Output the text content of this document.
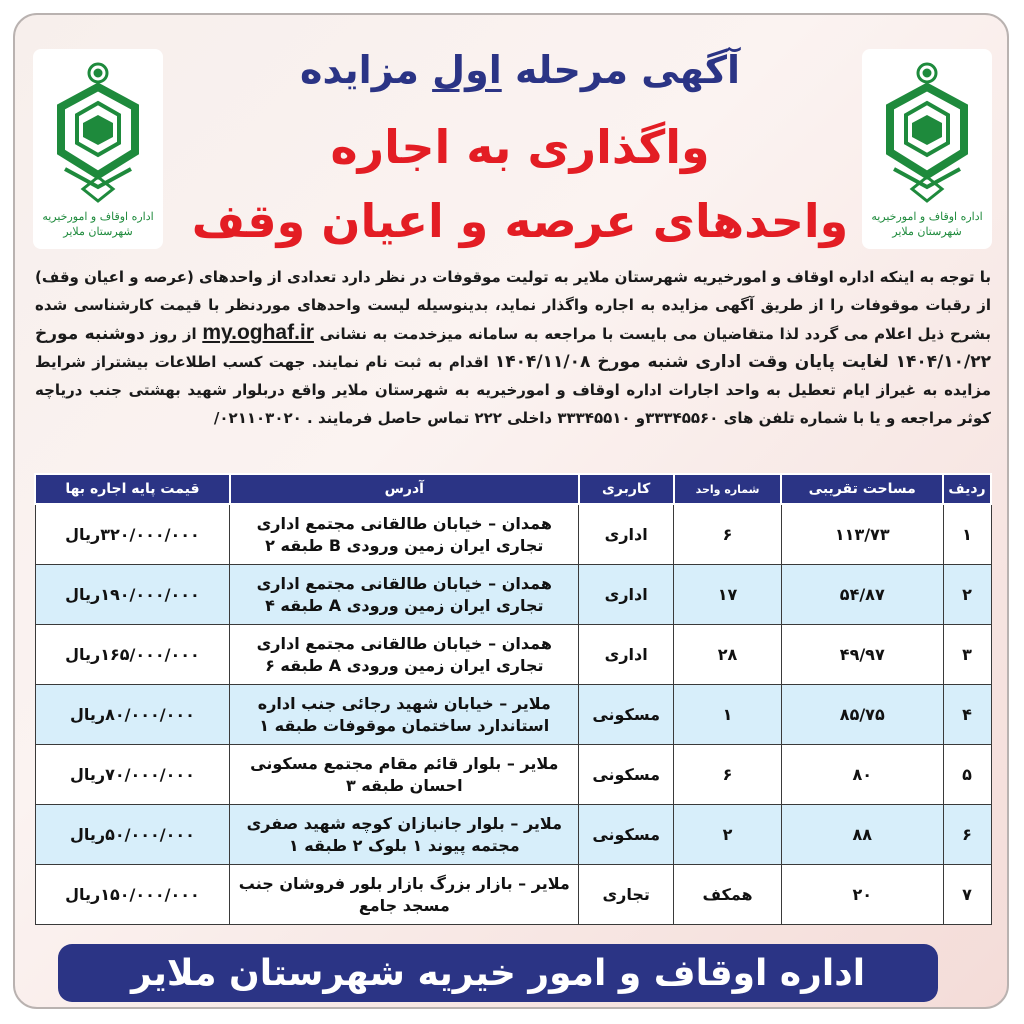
اداره اوقاف و امورخیریه
شهرستان ملایر
اداره اوقاف و امورخیریه
شهرستان ملایر
آگهی مرحله اول مزایده
واگذاری به اجاره
واحدهای عرصه و اعیان وقف
با توجه به اینکه اداره اوقاف و امورخیریه شهرستان ملایر به تولیت موقوفات در نظر دارد تعدادی از واحدهای (عرصه و اعیان وقف) از رقبات موقوفات را از طریق آگهی مزایده به اجاره واگذار نماید، بدینوسیله لیست واحدهای موردنظر با قیمت کارشناسی شده بشرح ذیل اعلام می گردد لذا متقاضیان می بایست با مراجعه به سامانه میزخدمت به نشانی my.oghaf.ir از روز دوشنبه مورخ ۱۴۰۴/۱۰/۲۲ لغایت پایان وقت اداری شنبه مورخ ۱۴۰۴/۱۱/۰۸ اقدام به ثبت نام نمایند. جهت کسب اطلاعات بیشتراز شرایط مزایده به غیراز ایام تعطیل به واحد اجارات اداره اوقاف و امورخیریه به شهرستان ملایر واقع دربلوار شهید بهشتی جنب دریاچه کوثر مراجعه و یا با شماره تلفن های ۳۳۳۴۵۵۶۰و ۳۳۳۴۵۵۱۰ داخلی ۲۲۲ تماس حاصل فرمایند . ۰۲۱۱۰۳۰۲۰/
ردیف	مساحت تقریبی	شماره واحد	کاربری	آدرس	قیمت پایه اجاره بها
۱	۱۱۳/۷۳	۶	اداری	همدان – خیابان طالقانی مجتمع اداری تجاری ایران زمین ورودی B طبقه ۲	۳۲۰/۰۰۰/۰۰۰ریال
۲	۵۴/۸۷	۱۷	اداری	همدان – خیابان طالقانی مجتمع اداری تجاری ایران زمین ورودی A طبقه ۴	۱۹۰/۰۰۰/۰۰۰ریال
۳	۴۹/۹۷	۲۸	اداری	همدان – خیابان طالقانی مجتمع اداری تجاری ایران زمین ورودی A طبقه ۶	۱۶۵/۰۰۰/۰۰۰ریال
۴	۸۵/۷۵	۱	مسکونی	ملایر – خیابان شهید رجائی جنب اداره استاندارد ساختمان موقوفات طبقه ۱	۸۰/۰۰۰/۰۰۰ریال
۵	۸۰	۶	مسکونی	ملایر – بلوار قائم مقام مجتمع مسکونی احسان طبقه ۳	۷۰/۰۰۰/۰۰۰ریال
۶	۸۸	۲	مسکونی	ملایر – بلوار جانبازان کوچه شهید صفری مجتمه پیوند ۱ بلوک ۲ طبقه ۱	۵۰/۰۰۰/۰۰۰ریال
۷	۲۰	همکف	تجاری	ملایر – بازار بزرگ بازار بلور فروشان جنب مسجد جامع	۱۵۰/۰۰۰/۰۰۰ریال
اداره اوقاف و امور خیریه شهرستان ملایر
